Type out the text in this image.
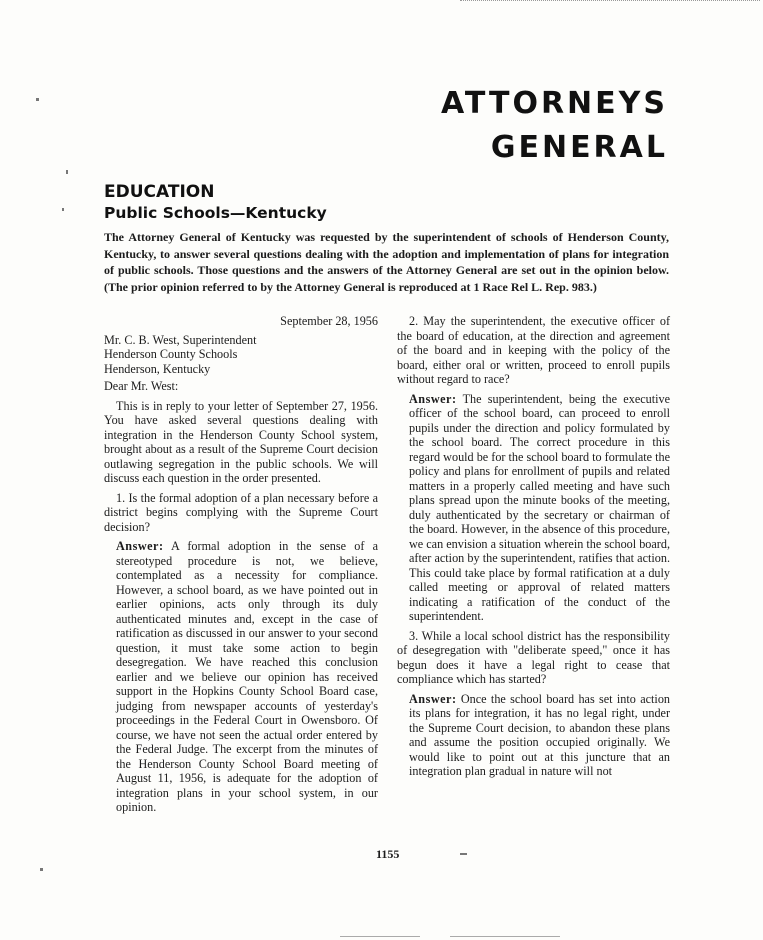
ATTORNEYS
GENERAL
EDUCATION
Public Schools—Kentucky
The Attorney General of Kentucky was requested by the superintendent of schools of Henderson County, Kentucky, to answer several questions dealing with the adoption and implementation of plans for integration of public schools. Those questions and the answers of the Attorney General are set out in the opinion below. (The prior opinion referred to by the Attorney General is reproduced at 1 Race Rel L. Rep. 983.)

September 28, 1956

Mr. C. B. West, Superintendent

Henderson County Schools

Henderson, Kentucky

Dear Mr. West:

This is in reply to your letter of September 27, 1956. You have asked several questions dealing with integration in the Henderson County School system, brought about as a result of the Supreme Court decision outlawing segregation in the public schools. We will discuss each question in the order presented.

1. Is the formal adoption of a plan necessary before a district begins complying with the Supreme Court decision?

Answer: A formal adoption in the sense of a stereotyped procedure is not, we believe, contemplated as a necessity for compliance. However, a school board, as we have pointed out in earlier opinions, acts only through its duly authenticated minutes and, except in the case of ratification as discussed in our answer to your second question, it must take some action to begin desegregation. We have reached this conclusion earlier and we believe our opinion has received support in the Hopkins County School Board case, judging from newspaper accounts of yesterday's proceedings in the Federal Court in Owensboro. Of course, we have not seen the actual order entered by the Federal Judge. The excerpt from the minutes of the Henderson County School Board meeting of August 11, 1956, is adequate for the adoption of integration plans in your school system, in our opinion.

2. May the superintendent, the executive officer of the board of education, at the direction and agreement of the board and in keeping with the policy of the board, either oral or written, proceed to enroll pupils without regard to race?

Answer: The superintendent, being the executive officer of the school board, can proceed to enroll pupils under the direction and policy formulated by the school board. The correct procedure in this regard would be for the school board to formulate the policy and plans for enrollment of pupils and related matters in a properly called meeting and have such plans spread upon the minute books of the meeting, duly authenticated by the secretary or chairman of the board. However, in the absence of this procedure, we can envision a situation wherein the school board, after action by the superintendent, ratifies that action. This could take place by formal ratification at a duly called meeting or approval of related matters indicating a ratification of the conduct of the superintendent.

3. While a local school district has the responsibility of desegregation with "deliberate speed," once it has begun does it have a legal right to cease that compliance which has started?

Answer: Once the school board has set into action its plans for integration, it has no legal right, under the Supreme Court decision, to abandon these plans and assume the position occupied originally. We would like to point out at this juncture that an integration plan gradual in nature will not

1155
